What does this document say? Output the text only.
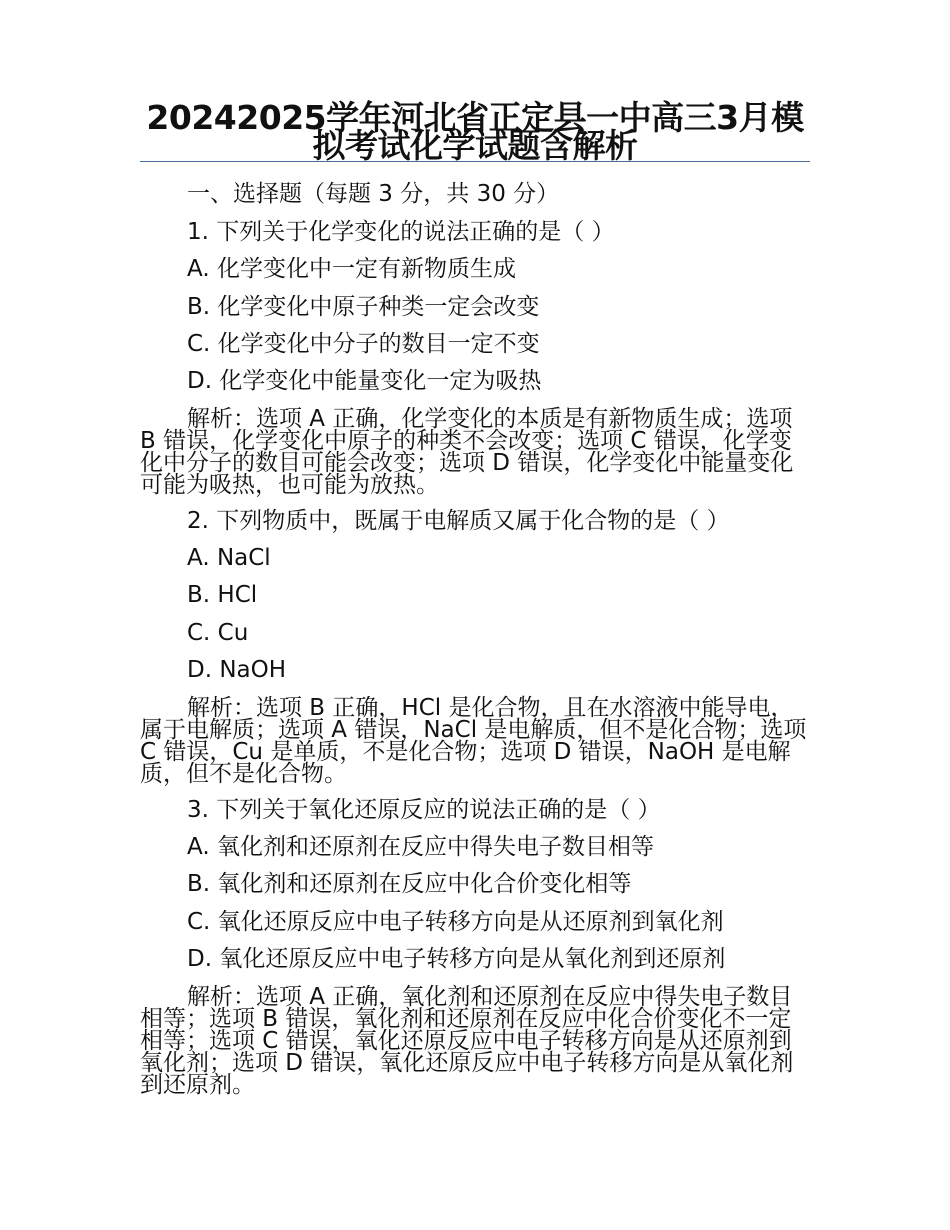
20242025学年河北省正定县一中高三3月模拟考试化学试题含解析
一、选择题（每题 3 分，共 30 分）
1. 下列关于化学变化的说法正确的是（ ）
A. 化学变化中一定有新物质生成
B. 化学变化中原子种类一定会改变
C. 化学变化中分子的数目一定不变
D. 化学变化中能量变化一定为吸热

解析：选项 A 正确，化学变化的本质是有新物质生成；选项 B 错误，化学变化中原子的种类不会改变；选项 C 错误，化学变化中分子的数目可能会改变；选项 D 错误，化学变化中能量变化可能为吸热，也可能为放热。

2. 下列物质中，既属于电解质又属于化合物的是（ ）
A. NaCl
B. HCl
C. Cu
D. NaOH

解析：选项 B 正确，HCl 是化合物，且在水溶液中能导电，属于电解质；选项 A 错误，NaCl 是电解质，但不是化合物；选项 C 错误，Cu 是单质，不是化合物；选项 D 错误，NaOH 是电解质，但不是化合物。

3. 下列关于氧化还原反应的说法正确的是（ ）
A. 氧化剂和还原剂在反应中得失电子数目相等
B. 氧化剂和还原剂在反应中化合价变化相等
C. 氧化还原反应中电子转移方向是从还原剂到氧化剂
D. 氧化还原反应中电子转移方向是从氧化剂到还原剂

解析：选项 A 正确，氧化剂和还原剂在反应中得失电子数目相等；选项 B 错误，氧化剂和还原剂在反应中化合价变化不一定相等；选项 C 错误，氧化还原反应中电子转移方向是从还原剂到氧化剂；选项 D 错误，氧化还原反应中电子转移方向是从氧化剂到还原剂。
